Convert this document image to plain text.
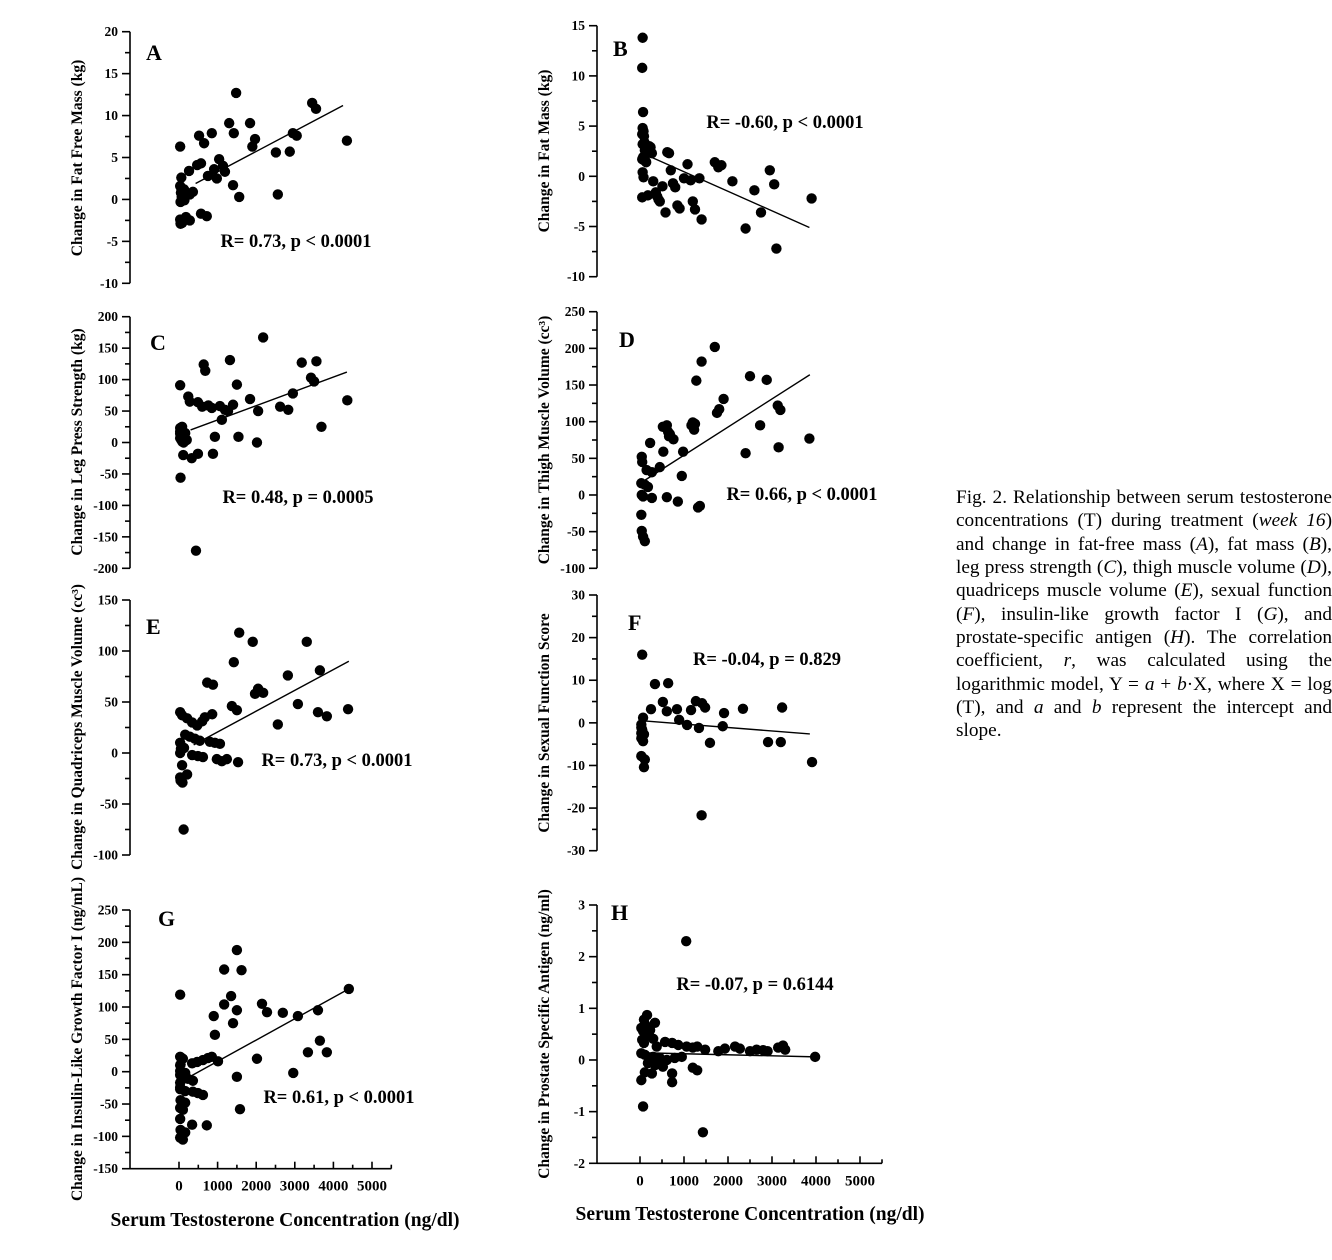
20
15
10
5
0
-5
-10
Change in Fat Free Mass (kg)
A
R= 0.73, p < 0.0001
15
10
5
0
-5
-10
Change in Fat Mass (kg)
B
R= -0.60, p < 0.0001
200
150
100
50
0
-50
-100
-150
-200
Change in Leg Press Strength (kg)	C
R= 0.48, p = 0.0005
250
200
150
100
50
0
-50
-100
Change in Thigh Muscle Volume (cc³)	D
R= 0.66, p < 0.0001
150
100
50
0
-50
-100
Change in Quadriceps Muscle Volume (cc³)	E
R= 0.73, p < 0.0001
30
20
10
0
-10
-20
-30
Change in Sexual Function Score	F
R= -0.04, p = 0.829
250
200
150
100
50
0
-50
-100
-150
Change in Insulin-Like Growth Factor I (ng/mL)	0 1000 2000 3000 4000 5000
G
R= 0.61, p < 0.0001
3
2
1
0
-1
-2
Change in Prostate Specific Antigen (ng/ml)
0 1000 2000 3000 4000 5000
H
R= -0.07, p = 0.6144
Serum Testosterone Concentration (ng/dl)	Serum Testosterone Concentration (ng/dl)
Fig. 2. Relationship between serum testosterone concentrations (T) during treatment (week 16) and change in fat-free mass (A), fat mass (B), leg press strength (C), thigh muscle volume (D), quadriceps muscle volume (E), sexual function (F), insulin-like growth factor I (G), and prostate-specific antigen (H). The correlation coefficient, r, was calculated using the logarithmic model, Y = a + b·X, where X = log (T), and a and b represent the intercept and slope.
